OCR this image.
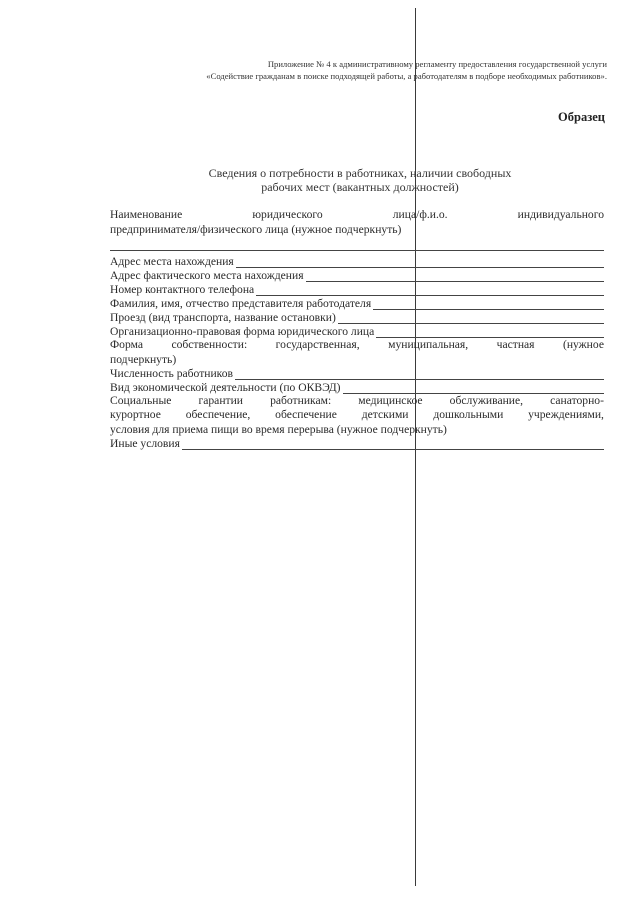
Приложение № 4 к административному регламенту предоставления государственной услуги
«Содействие гражданам в поиске подходящей работы, а работодателям в подборе необходимых работников».
Образец
Сведения о потребности в работниках, наличии свободных
рабочих мест (вакантных должностей)
Наименование	юридического	лица/ф.и.о.	индивидуального
предпринимателя/физического лица (нужное подчеркнуть)
Адрес места нахождения
Адрес фактического места нахождения
Номер контактного телефона
Фамилия, имя, отчество представителя работодателя
Проезд (вид транспорта, название остановки)
Организационно-правовая форма юридического лица
Форма собственности: государственная, муниципальная, частная (нужное
подчеркнуть)
Численность работников
Вид экономической деятельности (по ОКВЭД)
Социальные гарантии работникам: медицинское обслуживание, санаторно-
курортное обеспечение, обеспечение детскими дошкольными учреждениями,
условия для приема пищи во время перерыва (нужное подчеркнуть)
Иные условия
